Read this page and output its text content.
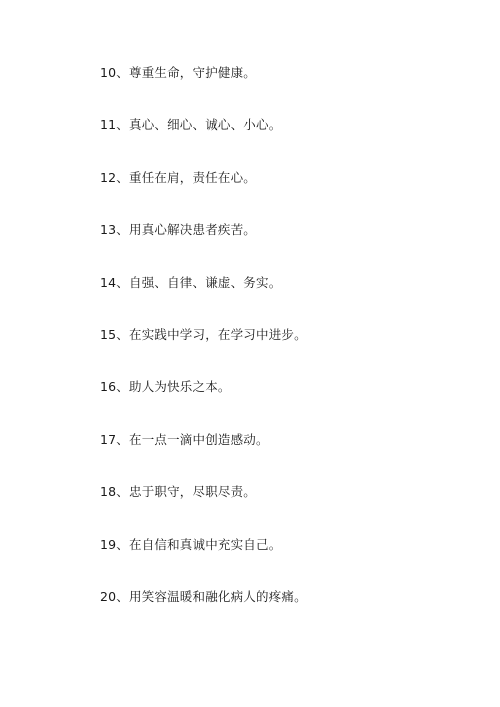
10、尊重生命，守护健康。
11、真心、细心、诚心、小心。
12、重任在肩，责任在心。
13、用真心解决患者疾苦。
14、自强、自律、谦虚、务实。
15、在实践中学习，在学习中进步。
16、助人为快乐之本。
17、在一点一滴中创造感动。
18、忠于职守，尽职尽责。
19、在自信和真诚中充实自己。
20、用笑容温暖和融化病人的疼痛。
